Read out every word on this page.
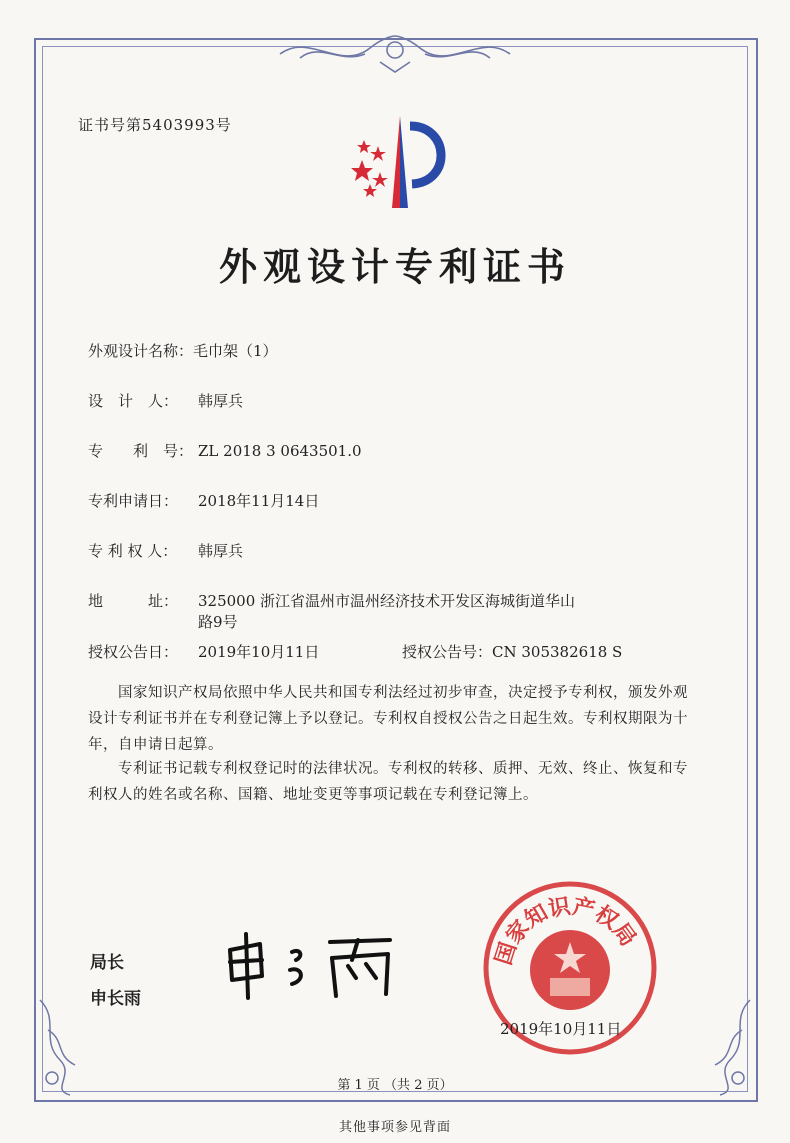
证书号第5403993号
外观设计专利证书
外观设计名称：毛巾架（1）
设　计　人： 韩厚兵
专　　利　号： ZL 2018 3 0643501.0
专利申请日： 2018年11月14日
专 利 权 人： 韩厚兵
地　　　址： 325000 浙江省温州市温州经济技术开发区海城街道华山
路9号
授权公告日： 2019年10月11日	授权公告号：CN 305382618 S
国家知识产权局依照中华人民共和国专利法经过初步审查，决定授予专利权，颁发外观
设计专利证书并在专利登记簿上予以登记。专利权自授权公告之日起生效。专利权期限为十
年，自申请日起算。
专利证书记载专利权登记时的法律状况。专利权的转移、质押、无效、终止、恢复和专
利权人的姓名或名称、国籍、地址变更等事项记载在专利登记簿上。
局长
申长雨
国家知识产权局
2019年10月11日
第 1 页 （共 2 页）
其他事项参见背面
